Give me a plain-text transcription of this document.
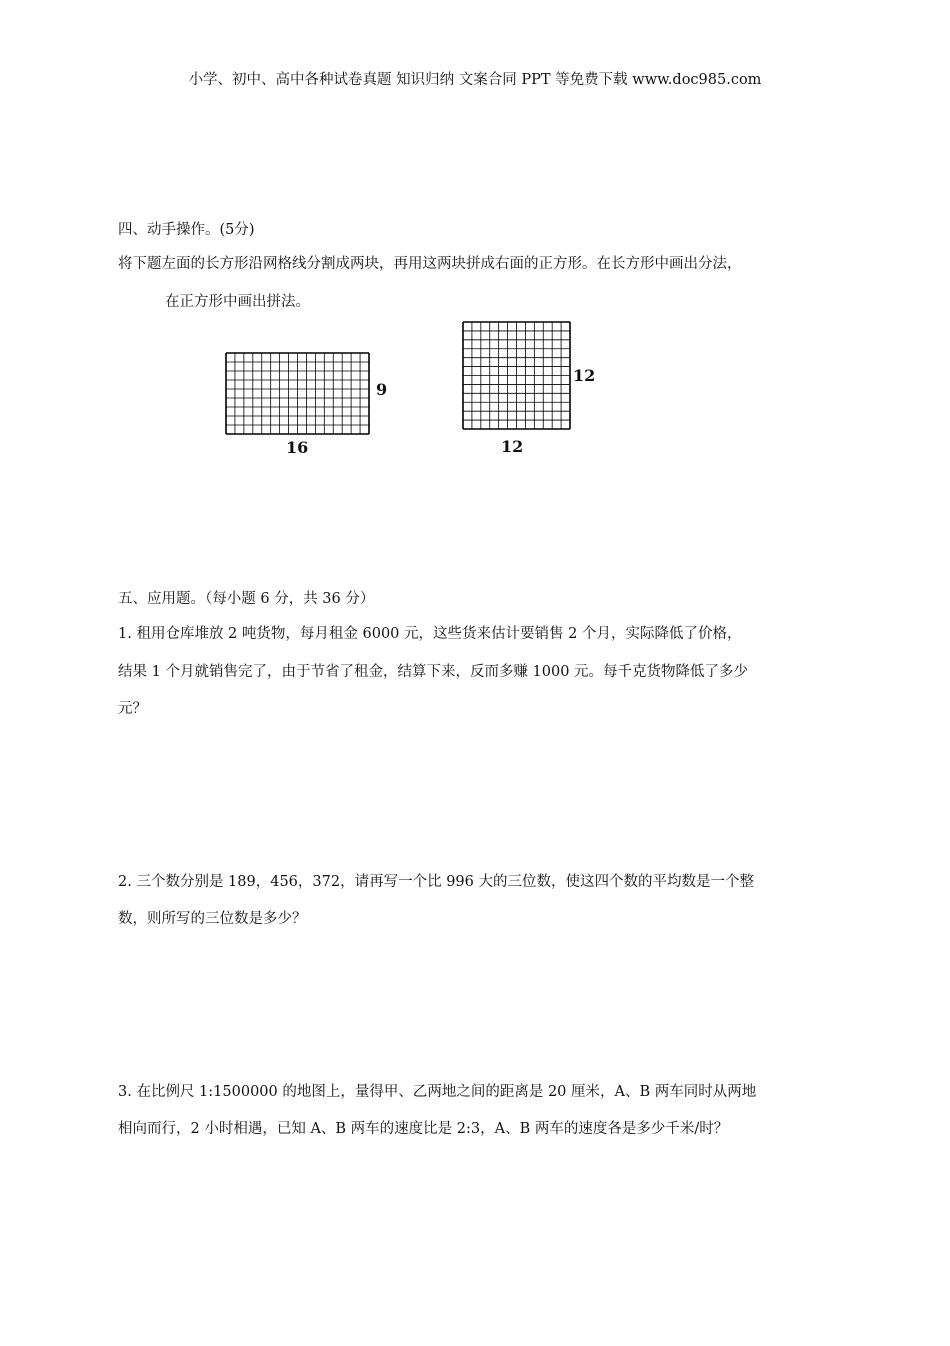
小学、初中、高中各种试卷真题 知识归纳 文案合同 PPT 等免费下载 www.doc985.com
四、动手操作。(5分)
将下题左面的长方形沿网格线分割成两块，再用这两块拼成右面的正方形。在长方形中画出分法，
在正方形中画出拼法。
9
16
12
12
五、应用题。（每小题 6 分，共 36 分）
1. 租用仓库堆放 2 吨货物，每月租金 6000 元，这些货来估计要销售 2 个月，实际降低了价格，
结果 1 个月就销售完了，由于节省了租金，结算下来，反而多赚 1000 元。每千克货物降低了多少
元？
2. 三个数分别是 189，456，372，请再写一个比 996 大的三位数，使这四个数的平均数是一个整
数，则所写的三位数是多少？
3. 在比例尺 1:1500000 的地图上，量得甲、乙两地之间的距离是 20 厘米，A、B 两车同时从两地
相向而行，2 小时相遇，已知 A、B 两车的速度比是 2:3，A、B 两车的速度各是多少千米/时？
